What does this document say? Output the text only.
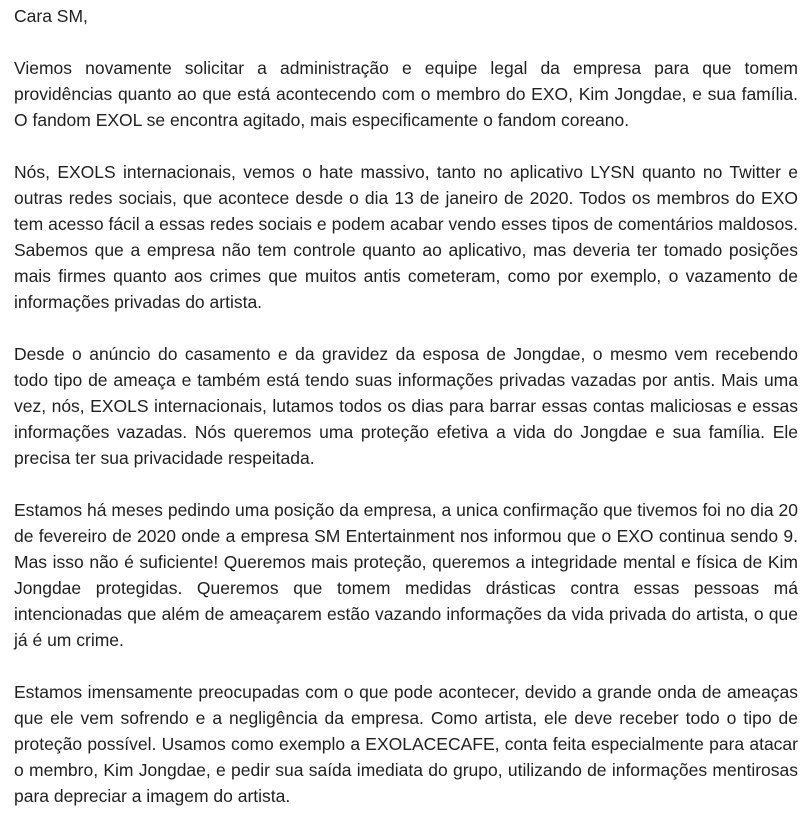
Cara SM,

Viemos novamente solicitar a administração e equipe legal da empresa para que tomem providências quanto ao que está acontecendo com o membro do EXO, Kim Jongdae, e sua família. O fandom EXOL se encontra agitado, mais especificamente o fandom coreano.

Nós, EXOLS internacionais, vemos o hate massivo, tanto no aplicativo LYSN quanto no Twitter e outras redes sociais, que acontece desde o dia 13 de janeiro de 2020. Todos os membros do EXO tem acesso fácil a essas redes sociais e podem acabar vendo esses tipos de comentários maldosos. Sabemos que a empresa não tem controle quanto ao aplicativo, mas deveria ter tomado posições mais firmes quanto aos crimes que muitos antis cometeram, como por exemplo, o vazamento de informações privadas do artista.

Desde o anúncio do casamento e da gravidez da esposa de Jongdae, o mesmo vem recebendo todo tipo de ameaça e também está tendo suas informações privadas vazadas por antis. Mais uma vez, nós, EXOLS internacionais, lutamos todos os dias para barrar essas contas maliciosas e essas informações vazadas. Nós queremos uma proteção efetiva a vida do Jongdae e sua família. Ele precisa ter sua privacidade respeitada.

Estamos há meses pedindo uma posição da empresa, a unica confirmação que tivemos foi no dia 20 de fevereiro de 2020 onde a empresa SM Entertainment nos informou que o EXO continua sendo 9. Mas isso não é suficiente! Queremos mais proteção, queremos a integridade mental e física de Kim Jongdae protegidas. Queremos que tomem medidas drásticas contra essas pessoas má intencionadas que além de ameaçarem estão vazando informações da vida privada do artista, o que já é um crime.

Estamos imensamente preocupadas com o que pode acontecer, devido a grande onda de ameaças que ele vem sofrendo e a negligência da empresa. Como artista, ele deve receber todo o tipo de proteção possível. Usamos como exemplo a EXOLACECAFE, conta feita especialmente para atacar o membro, Kim Jongdae, e pedir sua saída imediata do grupo, utilizando de informações mentirosas para depreciar a imagem do artista.
